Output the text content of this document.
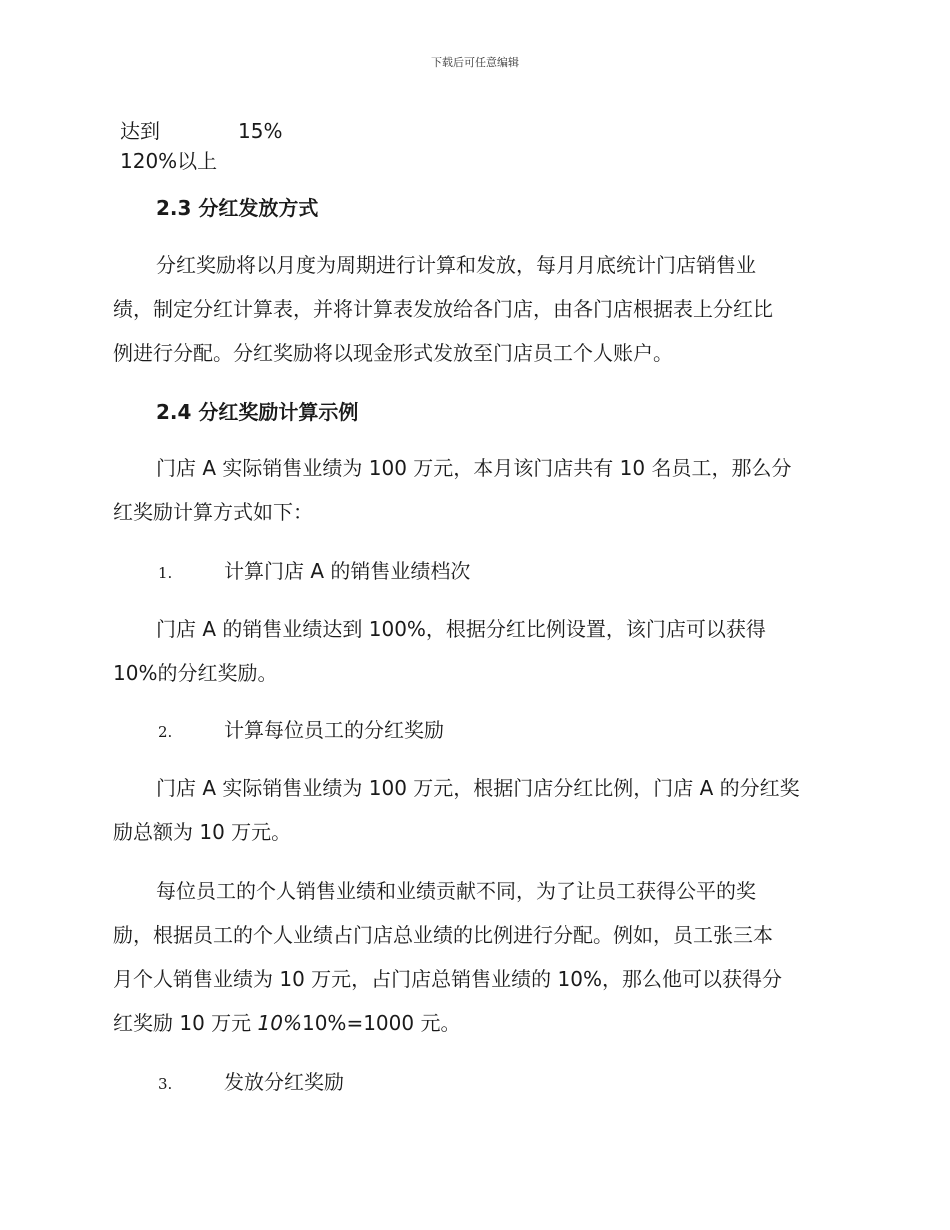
下载后可任意编辑
达到	15%
120%以上
2.3 分红发放方式
分红奖励将以月度为周期进行计算和发放，每月月底统计门店销售业
绩，制定分红计算表，并将计算表发放给各门店，由各门店根据表上分红比
例进行分配。分红奖励将以现金形式发放至门店员工个人账户。
2.4 分红奖励计算示例
门店 A 实际销售业绩为 100 万元，本月该门店共有 10 名员工，那么分
红奖励计算方式如下：
1.	计算门店 A 的销售业绩档次
门店 A 的销售业绩达到 100%，根据分红比例设置，该门店可以获得
10%的分红奖励。
2.	计算每位员工的分红奖励
门店 A 实际销售业绩为 100 万元，根据门店分红比例，门店 A 的分红奖
励总额为 10 万元。
每位员工的个人销售业绩和业绩贡献不同，为了让员工获得公平的奖
励，根据员工的个人业绩占门店总业绩的比例进行分配。例如，员工张三本
月个人销售业绩为 10 万元，占门店总销售业绩的 10%，那么他可以获得分
红奖励 10 万元 10%10%=1000 元。
3.	发放分红奖励
